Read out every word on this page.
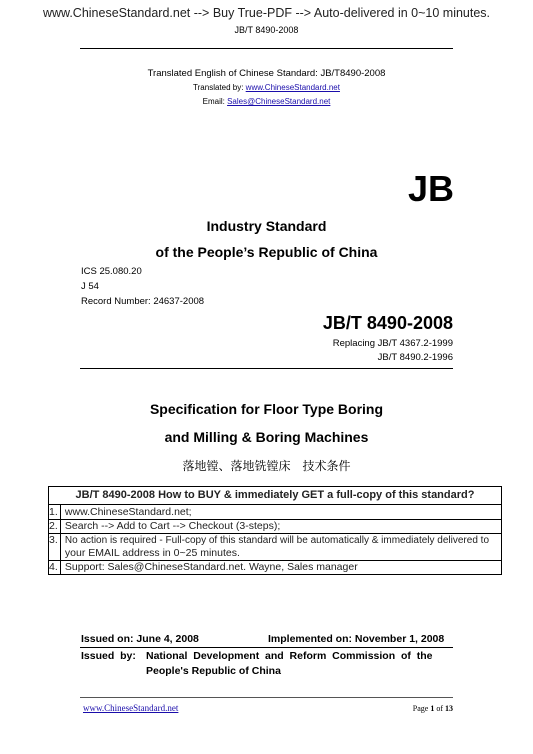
www.ChineseStandard.net --> Buy True-PDF --> Auto-delivered in 0~10 minutes.
JB/T 8490-2008
Translated English of Chinese Standard: JB/T8490-2008
Translated by: www.ChineseStandard.net
Email: Sales@ChineseStandard.net
JB
Industry Standard
of the People’s Republic of China
ICS 25.080.20
J 54
Record Number: 24637-2008
JB/T 8490-2008
Replacing JB/T 4367.2-1999
JB/T 8490.2-1996
Specification for Floor Type Boring
and Milling & Boring Machines
落地镗、落地铣镗床　技术条件
JB/T 8490-2008 How to BUY & immediately GET a full-copy of this standard?
1. www.ChineseStandard.net;
2. Search --> Add to Cart --> Checkout (3-steps);
3. No action is required - Full-copy of this standard will be automatically & immediately delivered to
your EMAIL address in 0~25 minutes.
4. Support: Sales@ChineseStandard.net. Wayne, Sales manager
Issued on: June 4, 2008	Implemented on: November 1, 2008
Issued  by: National  Development  and  Reform  Commission  of  the
People's Republic of China
www.ChineseStandard.net	Page 1 of 13
